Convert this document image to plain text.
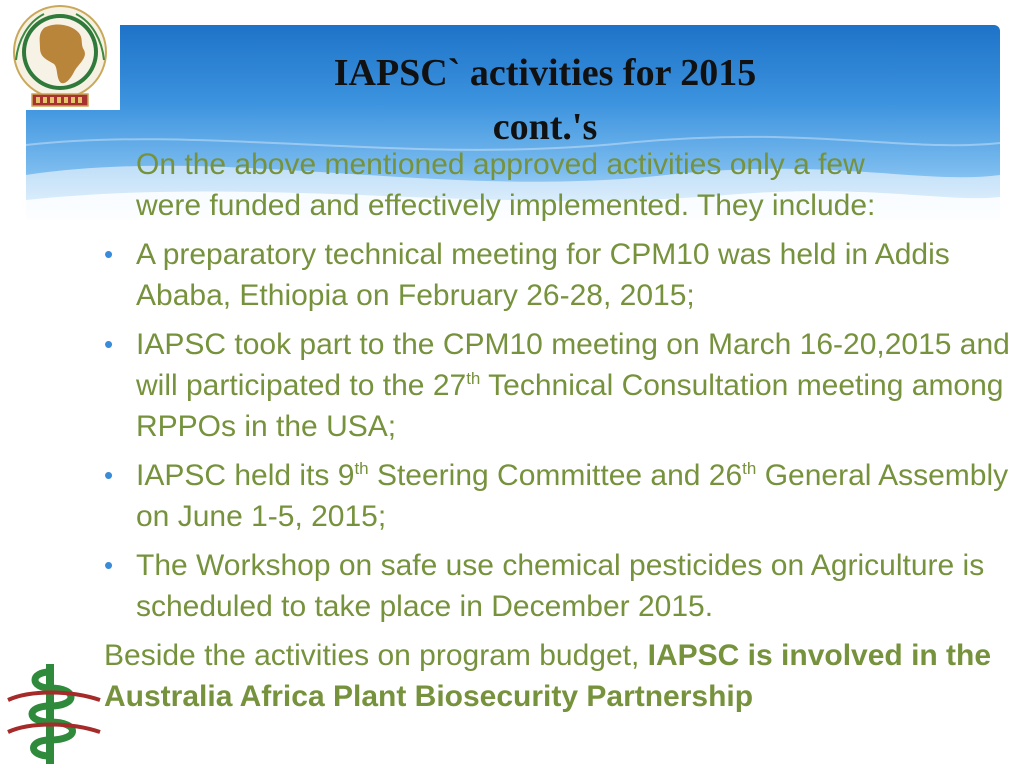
IAPSC` activities for 2015
cont.'s

On the above mentioned approved activities only a few
were funded and effectively implemented. They include:

• A preparatory technical meeting for CPM10 was held in Addis Ababa, Ethiopia on February 26-28, 2015;
• IAPSC took part to the CPM10 meeting on March 16-20,2015 and will participated to the 27th Technical Consultation meeting among RPPOs in the USA;
• IAPSC held its 9th Steering Committee and 26th General Assembly on June 1-5, 2015;
• The Workshop on safe use chemical pesticides on Agriculture is scheduled to take place in December 2015.

Beside the activities on program budget, IAPSC is involved in the Australia Africa Plant Biosecurity Partnership
